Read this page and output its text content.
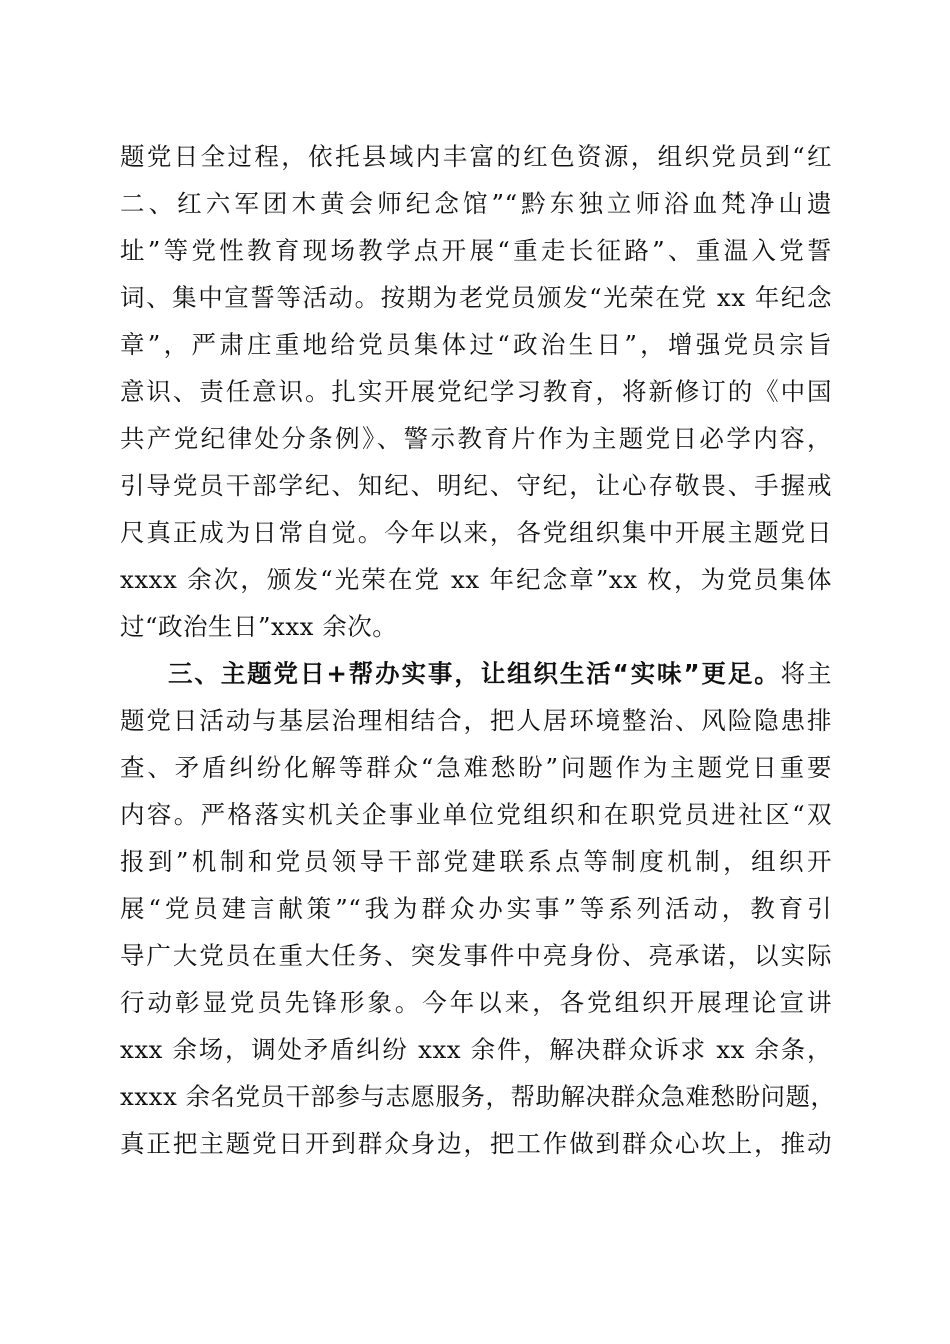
题党日全过程，依托县域内丰富的红色资源，组织党员到“红

二、红六军团木黄会师纪念馆”“黔东独立师浴血梵净山遗

址”等党性教育现场教学点开展“重走长征路”、重温入党誓

词、集中宣誓等活动。按期为老党员颁发“光荣在党 xx 年纪念

章”，严肃庄重地给党员集体过“政治生日”，增强党员宗旨

意识、责任意识。扎实开展党纪学习教育，将新修订的《中国

共产党纪律处分条例》、警示教育片作为主题党日必学内容，

引导党员干部学纪、知纪、明纪、守纪，让心存敬畏、手握戒

尺真正成为日常自觉。今年以来，各党组织集中开展主题党日

xxxx 余次，颁发“光荣在党 xx 年纪念章”xx 枚，为党员集体

过“政治生日”xxx 余次。

三、主题党日+帮办实事，让组织生活“实味”更足。将主

题党日活动与基层治理相结合，把人居环境整治、风险隐患排

查、矛盾纠纷化解等群众“急难愁盼”问题作为主题党日重要

内容。严格落实机关企事业单位党组织和在职党员进社区“双

报到”机制和党员领导干部党建联系点等制度机制，组织开

展“党员建言献策”“我为群众办实事”等系列活动，教育引

导广大党员在重大任务、突发事件中亮身份、亮承诺，以实际

行动彰显党员先锋形象。今年以来，各党组织开展理论宣讲

xxx 余场，调处矛盾纠纷 xxx 余件，解决群众诉求 xx 余条，

xxxx 余名党员干部参与志愿服务，帮助解决群众急难愁盼问题，

真正把主题党日开到群众身边，把工作做到群众心坎上，推动
